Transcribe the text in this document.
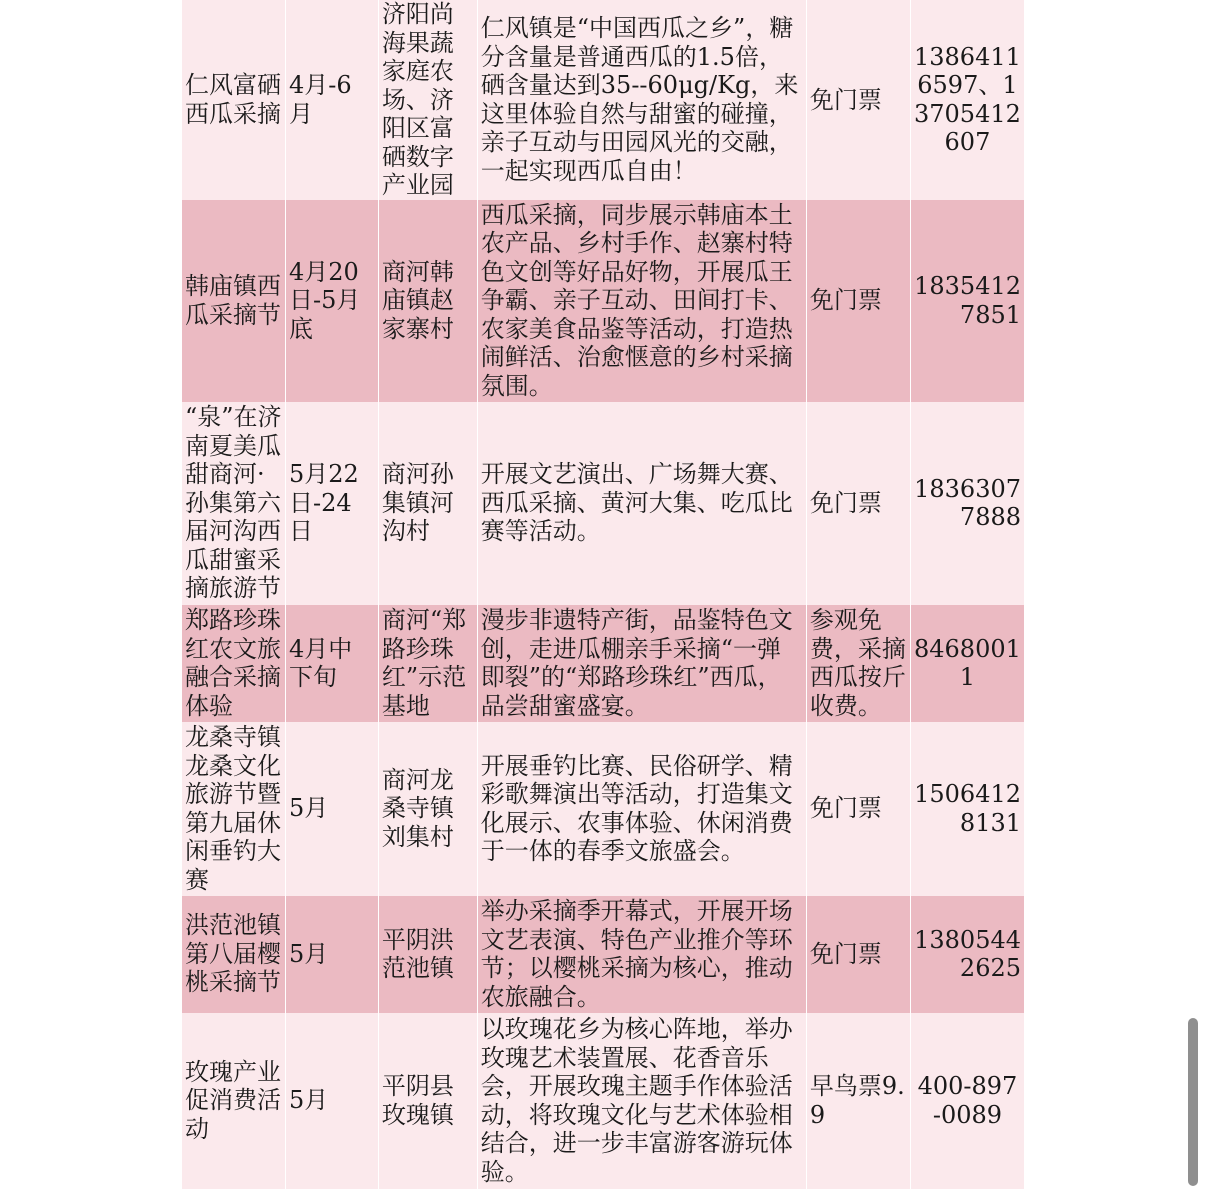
仁风富硒西瓜采摘	4月-6月	济阳尚海果蔬家庭农场、济阳区富硒数字产业园	仁风镇是“中国西瓜之乡”，糖分含量是普通西瓜的1.5倍，硒含量达到35--60μg/Kg，来这里体验自然与甜蜜的碰撞，亲子互动与田园风光的交融，一起实现西瓜自由！	免门票	13864116597、13705412607
韩庙镇西瓜采摘节	4月20日-5月底	商河韩庙镇赵家寨村	西瓜采摘，同步展示韩庙本土农产品、乡村手作、赵寨村特色文创等好品好物，开展瓜王争霸、亲子互动、田间打卡、农家美食品鉴等活动，打造热闹鲜活、治愈惬意的乡村采摘氛围。	免门票	18354127851
“泉”在济南夏美瓜甜商河·孙集第六届河沟西瓜甜蜜采摘旅游节	5月22日-24日	商河孙集镇河沟村	开展文艺演出、广场舞大赛、西瓜采摘、黄河大集、吃瓜比赛等活动。	免门票	18363077888
郑路珍珠红农文旅融合采摘体验	4月中下旬	商河“郑路珍珠红”示范基地	漫步非遗特产街，品鉴特色文创，走进瓜棚亲手采摘“一弹即裂”的“郑路珍珠红”西瓜，品尝甜蜜盛宴。	参观免费，采摘西瓜按斤收费。	84680011
龙桑寺镇龙桑文化旅游节暨第九届休闲垂钓大赛	5月	商河龙桑寺镇刘集村	开展垂钓比赛、民俗研学、精彩歌舞演出等活动，打造集文化展示、农事体验、休闲消费于一体的春季文旅盛会。	免门票	15064128131
洪范池镇第八届樱桃采摘节	5月	平阴洪范池镇	举办采摘季开幕式，开展开场文艺表演、特色产业推介等环节；以樱桃采摘为核心，推动农旅融合。	免门票	13805442625
玫瑰产业促消费活动	5月	平阴县玫瑰镇	以玫瑰花乡为核心阵地，举办玫瑰艺术装置展、花香音乐会，开展玫瑰主题手作体验活动，将玫瑰文化与艺术体验相结合，进一步丰富游客游玩体验。	早鸟票9.9	400-897-0089
